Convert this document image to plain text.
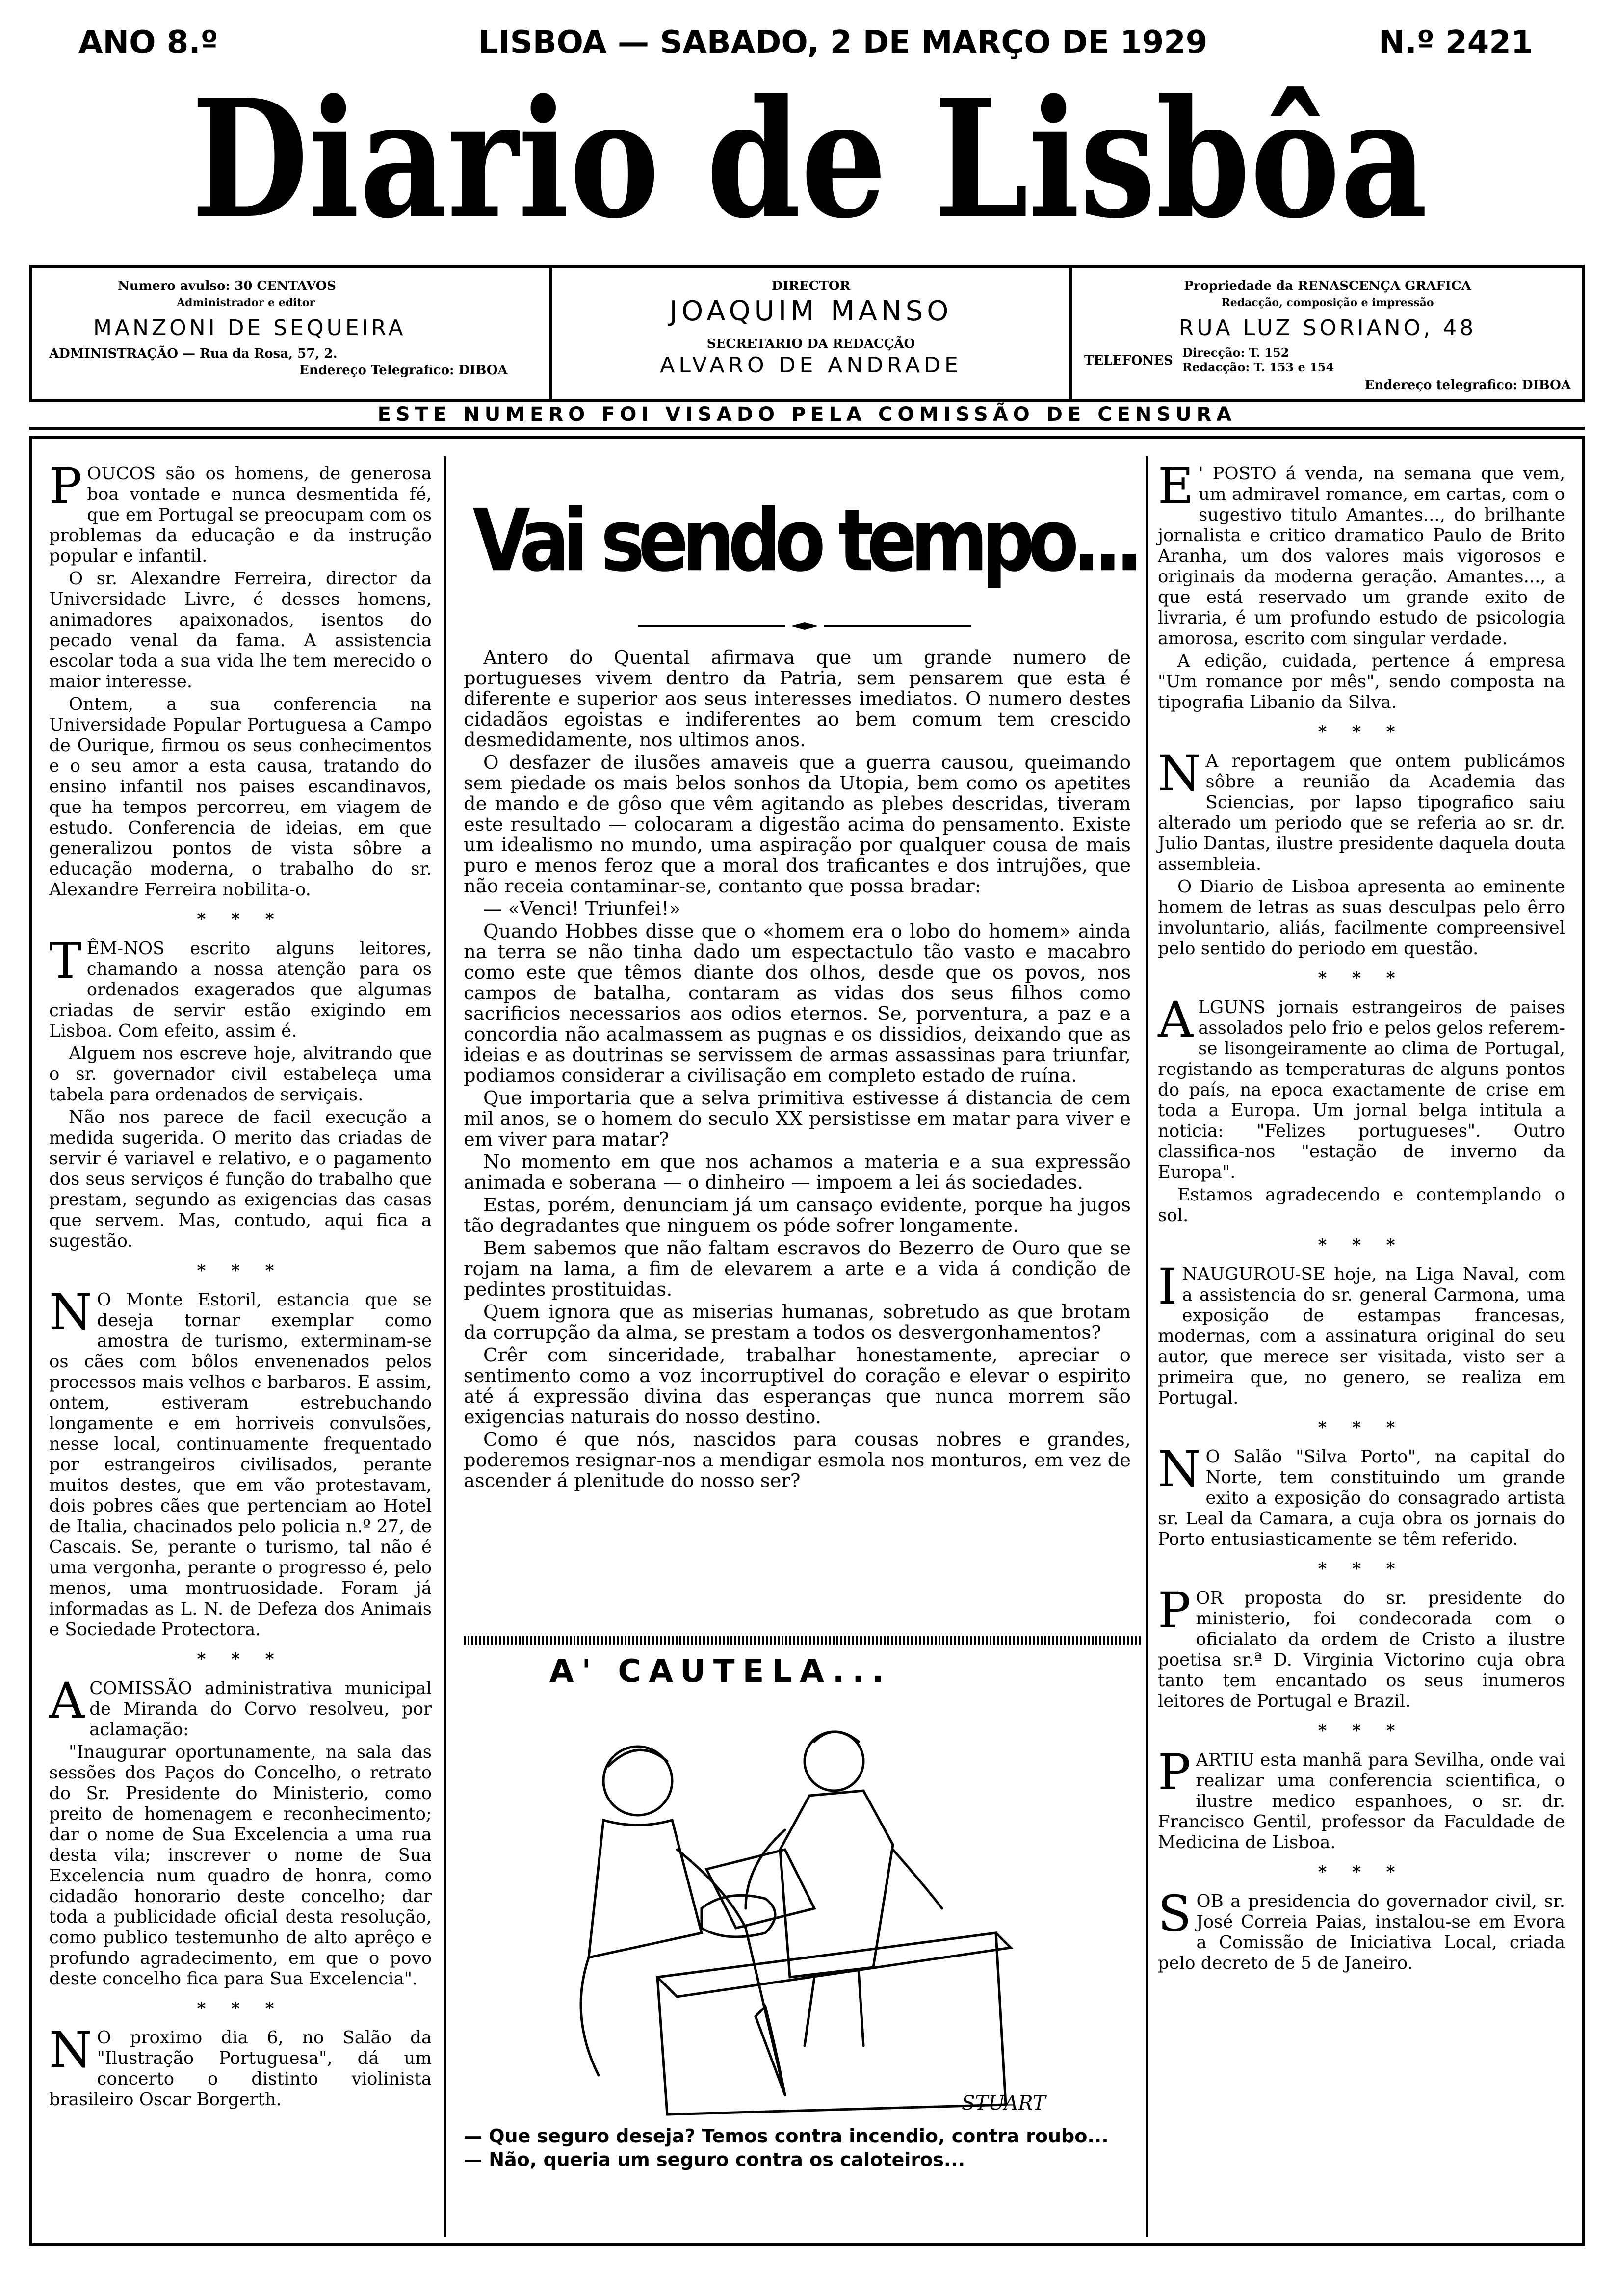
ANO 8.º	LISBOA — SABADO, 2 DE MARÇO DE 1929	N.º 2421
Diario de Lisbôa
Numero avulso: 30 CENTAVOS
Administrador e editor
MANZONI DE SEQUEIRA
ADMINISTRAÇÃO — Rua da Rosa, 57, 2.
Endereço Telegrafico: DIBOA
DIRECTOR
JOAQUIM MANSO
SECRETARIO DA REDACÇÃO
ALVARO DE ANDRADE
Propriedade da RENASCENÇA GRAFICA
Redacção, composição e impressão
RUA LUZ SORIANO, 48
TELEFONES
Direcção: T. 152
Redacção: T. 153 e 154
Endereço telegrafico: DIBOA
ESTE NUMERO FOI VISADO PELA COMISSÃO DE CENSURA

POUCOS são os homens, de generosa boa vontade e nunca desmentida fé, que em Portugal se preocupam com os problemas da educação e da instrução popular e infantil.

O sr. Alexandre Ferreira, director da Universidade Livre, é desses homens, animadores apaixonados, isentos do pecado venal da fama. A assistencia escolar toda a sua vida lhe tem merecido o maior interesse.

Ontem, a sua conferencia na Universidade Popular Portuguesa a Campo de Ourique, firmou os seus conhecimentos e o seu amor a esta causa, tratando do ensino infantil nos paises escandinavos, que ha tempos percorreu, em viagem de estudo. Conferencia de ideias, em que generalizou pontos de vista sôbre a educação moderna, o trabalho do sr. Alexandre Ferreira nobilita-o.

* * *

TÊM-NOS escrito alguns leitores, chamando a nossa atenção para os ordenados exagerados que algumas criadas de servir estão exigindo em Lisboa. Com efeito, assim é.

Alguem nos escreve hoje, alvitrando que o sr. governador civil estabeleça uma tabela para ordenados de serviçais.

Não nos parece de facil execução a medida sugerida. O merito das criadas de servir é variavel e relativo, e o pagamento dos seus serviços é função do trabalho que prestam, segundo as exigencias das casas que servem. Mas, contudo, aqui fica a sugestão.

* * *

N O Monte Estoril, estancia que se deseja tornar exemplar como amostra de turismo, exterminam-se os cães com bôlos envenenados pelos processos mais velhos e barbaros. E assim, ontem, estiveram estrebuchando longamente e em horriveis convulsões, nesse local, continuamente frequentado por estrangeiros civilisados, perante muitos destes, que em vão protestavam, dois pobres cães que pertenciam ao Hotel de Italia, chacinados pelo policia n.º 27, de Cascais. Se, perante o turismo, tal não é uma vergonha, perante o progresso é, pelo menos, uma montruosidade. Foram já informadas as L. N. de Defeza dos Animais e Sociedade Protectora.

* * *

A COMISSÃO administrativa municipal de Miranda do Corvo resolveu, por aclamação:

"Inaugurar oportunamente, na sala das sessões dos Paços do Concelho, o retrato do Sr. Presidente do Ministerio, como preito de homenagem e reconhecimento; dar o nome de Sua Excelencia a uma rua desta vila; inscrever o nome de Sua Excelencia num quadro de honra, como cidadão honorario deste concelho; dar toda a publicidade oficial desta resolução, como publico testemunho de alto aprêço e profundo agradecimento, em que o povo deste concelho fica para Sua Excelencia".

* * *

N O proximo dia 6, no Salão da "Ilustração Portuguesa", dá um concerto o distinto violinista brasileiro Oscar Borgerth.

Vai sendo tempo...

Antero do Quental afirmava que um grande numero de portugueses vivem dentro da Patria, sem pensarem que esta é diferente e superior aos seus interesses imediatos. O numero destes cidadãos egoistas e indiferentes ao bem comum tem crescido desmedidamente, nos ultimos anos.

O desfazer de ilusões amaveis que a guerra causou, queimando sem piedade os mais belos sonhos da Utopia, bem como os apetites de mando e de gôso que vêm agitando as plebes descridas, tiveram este resultado — colocaram a digestão acima do pensamento. Existe um idealismo no mundo, uma aspiração por qualquer cousa de mais puro e menos feroz que a moral dos traficantes e dos intrujões, que não receia contaminar-se, contanto que possa bradar:

— «Venci! Triunfei!»

Quando Hobbes disse que o «homem era o lobo do homem» ainda na terra se não tinha dado um espectactulo tão vasto e macabro como este que têmos diante dos olhos, desde que os povos, nos campos de batalha, contaram as vidas dos seus filhos como sacrificios necessarios aos odios eternos. Se, porventura, a paz e a concordia não acalmassem as pugnas e os dissidios, deixando que as ideias e as doutrinas se servissem de armas assassinas para triunfar, podiamos considerar a civilisação em completo estado de ruína.

Que importaria que a selva primitiva estivesse á distancia de cem mil anos, se o homem do seculo XX persistisse em matar para viver e em viver para matar?

No momento em que nos achamos a materia e a sua expressão animada e soberana — o dinheiro — impoem a lei ás sociedades.

Estas, porém, denunciam já um cansaço evidente, porque ha jugos tão degradantes que ninguem os póde sofrer longamente.

Bem sabemos que não faltam escravos do Bezerro de Ouro que se rojam na lama, a fim de elevarem a arte e a vida á condição de pedintes prostituidas.

Quem ignora que as miserias humanas, sobretudo as que brotam da corrupção da alma, se prestam a todos os desvergonhamentos?

Crêr com sinceridade, trabalhar honestamente, apreciar o sentimento como a voz incorruptivel do coração e elevar o espirito até á expressão divina das esperanças que nunca morrem são exigencias naturais do nosso destino.

Como é que nós, nascidos para cousas nobres e grandes, poderemos resignar-nos a mendigar esmola nos monturos, em vez de ascender á plenitude do nosso ser?

A' CAUTELA...
STUART
— Que seguro deseja? Temos contra incendio, contra roubo...
— Não, queria um seguro contra os caloteiros...

E ' POSTO á venda, na semana que vem, um admiravel romance, em cartas, com o sugestivo titulo Amantes..., do brilhante jornalista e critico dramatico Paulo de Brito Aranha, um dos valores mais vigorosos e originais da moderna geração. Amantes..., a que está reservado um grande exito de livraria, é um profundo estudo de psicologia amorosa, escrito com singular verdade.

A edição, cuidada, pertence á empresa "Um romance por mês", sendo composta na tipografia Libanio da Silva.

* * *

N A reportagem que ontem publicámos sôbre a reunião da Academia das Sciencias, por lapso tipografico saiu alterado um periodo que se referia ao sr. dr. Julio Dantas, ilustre presidente daquela douta assembleia.

O Diario de Lisboa apresenta ao eminente homem de letras as suas desculpas pelo êrro involuntario, aliás, facilmente compreensivel pelo sentido do periodo em questão.

* * *

ALGUNS jornais estrangeiros de paises assolados pelo frio e pelos gelos referem-se lisongeiramente ao clima de Portugal, registando as temperaturas de alguns pontos do país, na epoca exactamente de crise em toda a Europa. Um jornal belga intitula a noticia: "Felizes portugueses". Outro classifica-nos "estação de inverno da Europa".

Estamos agradecendo e contemplando o sol.

* * *

INAUGUROU-SE hoje, na Liga Naval, com a assistencia do sr. general Carmona, uma exposição de estampas francesas, modernas, com a assinatura original do seu autor, que merece ser visitada, visto ser a primeira que, no genero, se realiza em Portugal.

* * *

N O Salão "Silva Porto", na capital do Norte, tem constituindo um grande exito a exposição do consagrado artista sr. Leal da Camara, a cuja obra os jornais do Porto entusiasticamente se têm referido.

* * *

POR proposta do sr. presidente do ministerio, foi condecorada com o oficialato da ordem de Cristo a ilustre poetisa sr.ª D. Virginia Victorino cuja obra tanto tem encantado os seus inumeros leitores de Portugal e Brazil.

* * *

PARTIU esta manhã para Sevilha, onde vai realizar uma conferencia scientifica, o ilustre medico espanhoes, o sr. dr. Francisco Gentil, professor da Faculdade de Medicina de Lisboa.

* * *

SOB a presidencia do governador civil, sr. José Correia Paias, instalou-se em Evora a Comissão de Iniciativa Local, criada pelo decreto de 5 de Janeiro.
